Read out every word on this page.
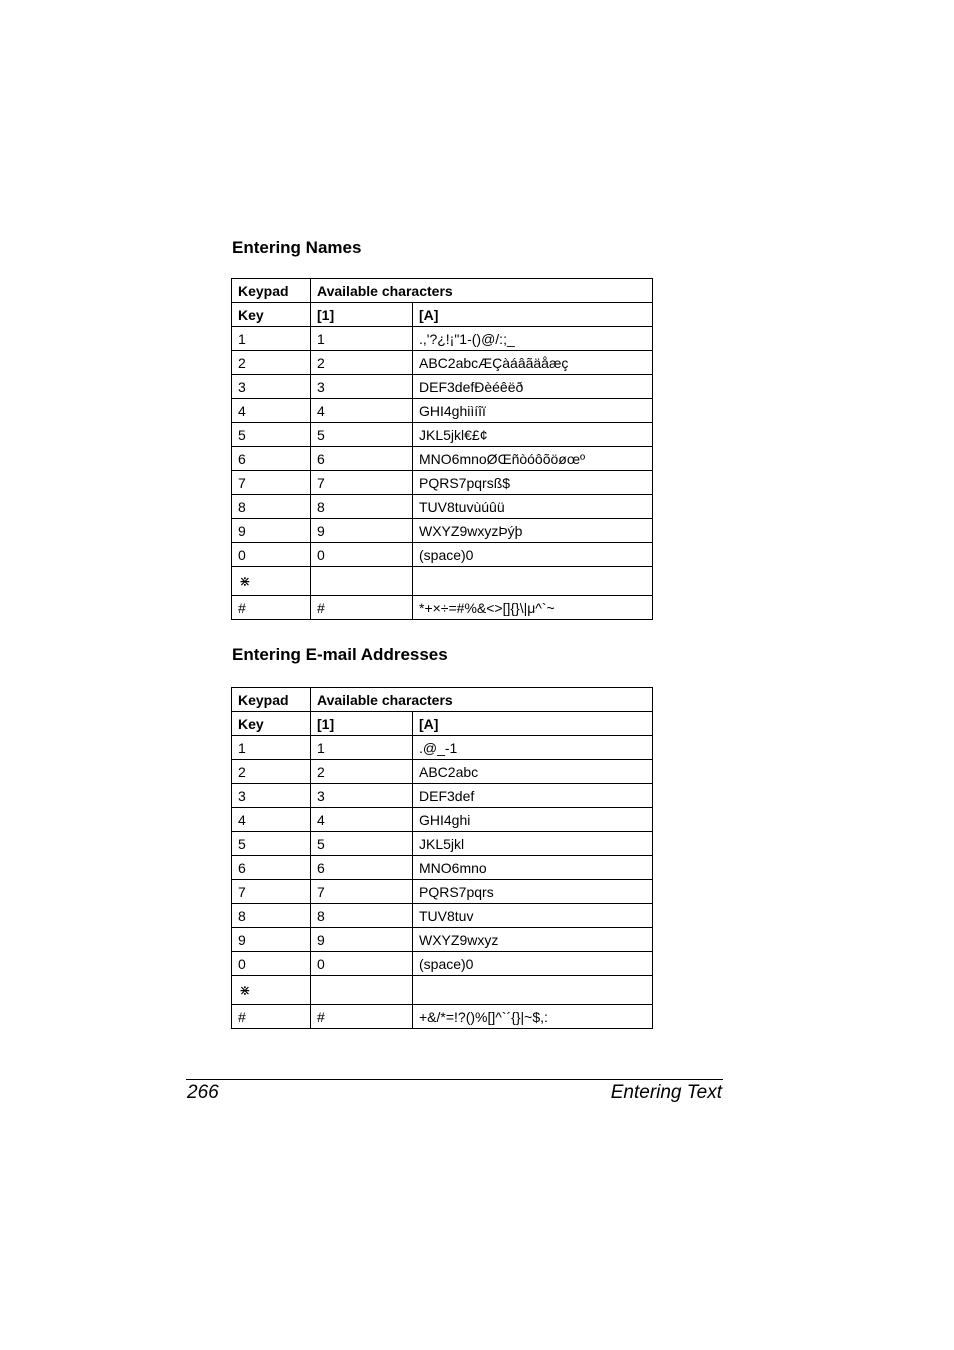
Entering Names
Keypad	Available characters	
Key	[1]	[A]
1	1	.,'?¿!¡"1-()@/:;_
2	2	ABC2abcÆÇàáâãäåæç
3	3	DEF3defÐèéêëð
4	4	GHI4ghiìíîï
5	5	JKL5jkl€£¢
6	6	MNO6mnoØŒñòóôõöøœº
7	7	PQRS7pqrsß$
8	8	TUV8tuvùúûü
9	9	WXYZ9wxyzÞýþ
0	0	(space)0
⋇		
#	#	*+×÷=#%&<>[]{}\|μ^`~
Entering E-mail Addresses
Keypad	Available characters	
Key	[1]	[A]
1	1	.@_-1
2	2	ABC2abc
3	3	DEF3def
4	4	GHI4ghi
5	5	JKL5jkl
6	6	MNO6mno
7	7	PQRS7pqrs
8	8	TUV8tuv
9	9	WXYZ9wxyz
0	0	(space)0
⋇		
#	#	+&/*=!?()%[]^`´{}|~$,:
266	Entering Text
